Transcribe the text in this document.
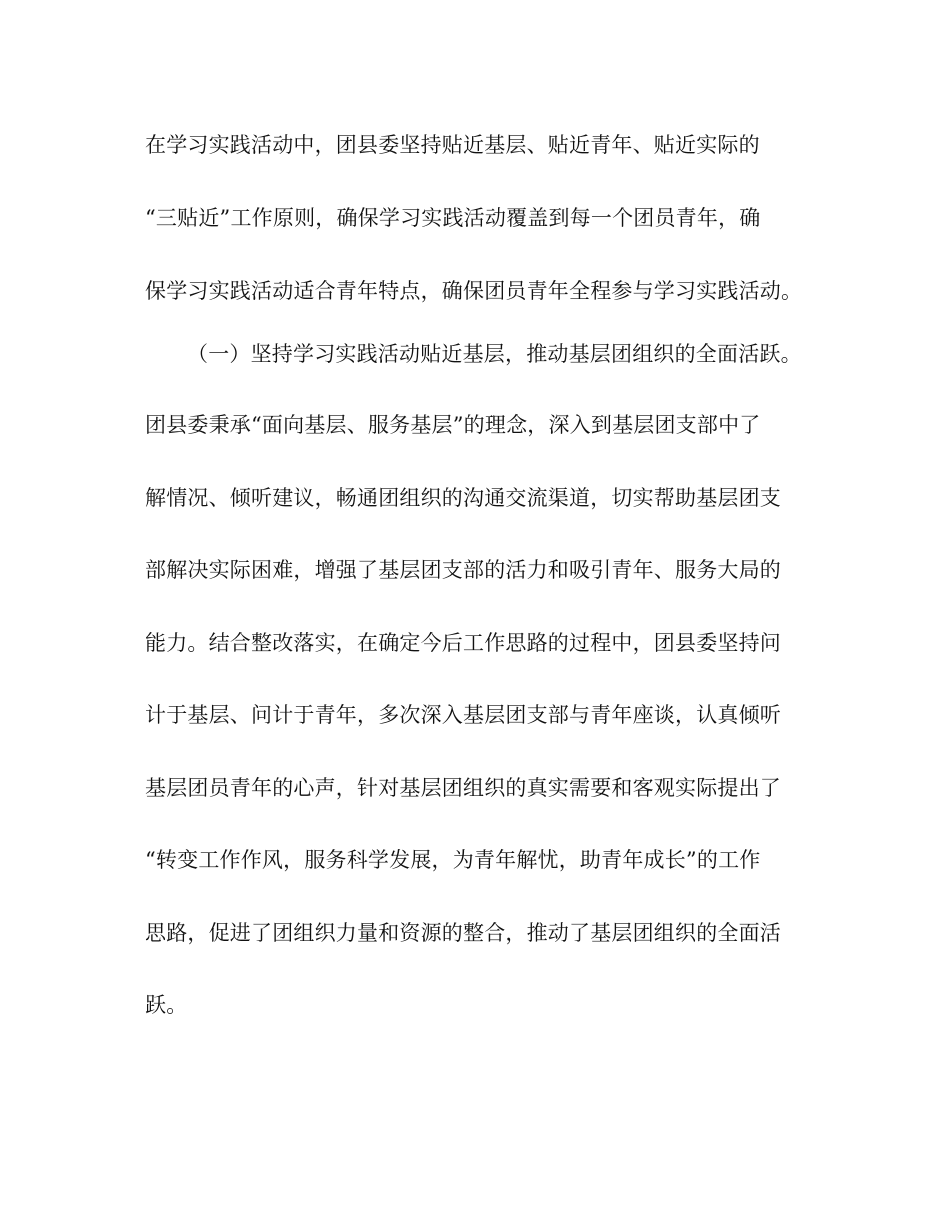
在学习实践活动中，团县委坚持贴近基层、贴近青年、贴近实际的
“三贴近”工作原则，确保学习实践活动覆盖到每一个团员青年，确
保学习实践活动适合青年特点，确保团员青年全程参与学习实践活动。
（一）坚持学习实践活动贴近基层，推动基层团组织的全面活跃。
团县委秉承“面向基层、服务基层”的理念，深入到基层团支部中了
解情况、倾听建议，畅通团组织的沟通交流渠道，切实帮助基层团支
部解决实际困难，增强了基层团支部的活力和吸引青年、服务大局的
能力。结合整改落实，在确定今后工作思路的过程中，团县委坚持问
计于基层、问计于青年，多次深入基层团支部与青年座谈，认真倾听
基层团员青年的心声，针对基层团组织的真实需要和客观实际提出了
“转变工作作风，服务科学发展，为青年解忧，助青年成长”的工作
思路，促进了团组织力量和资源的整合，推动了基层团组织的全面活
跃。
